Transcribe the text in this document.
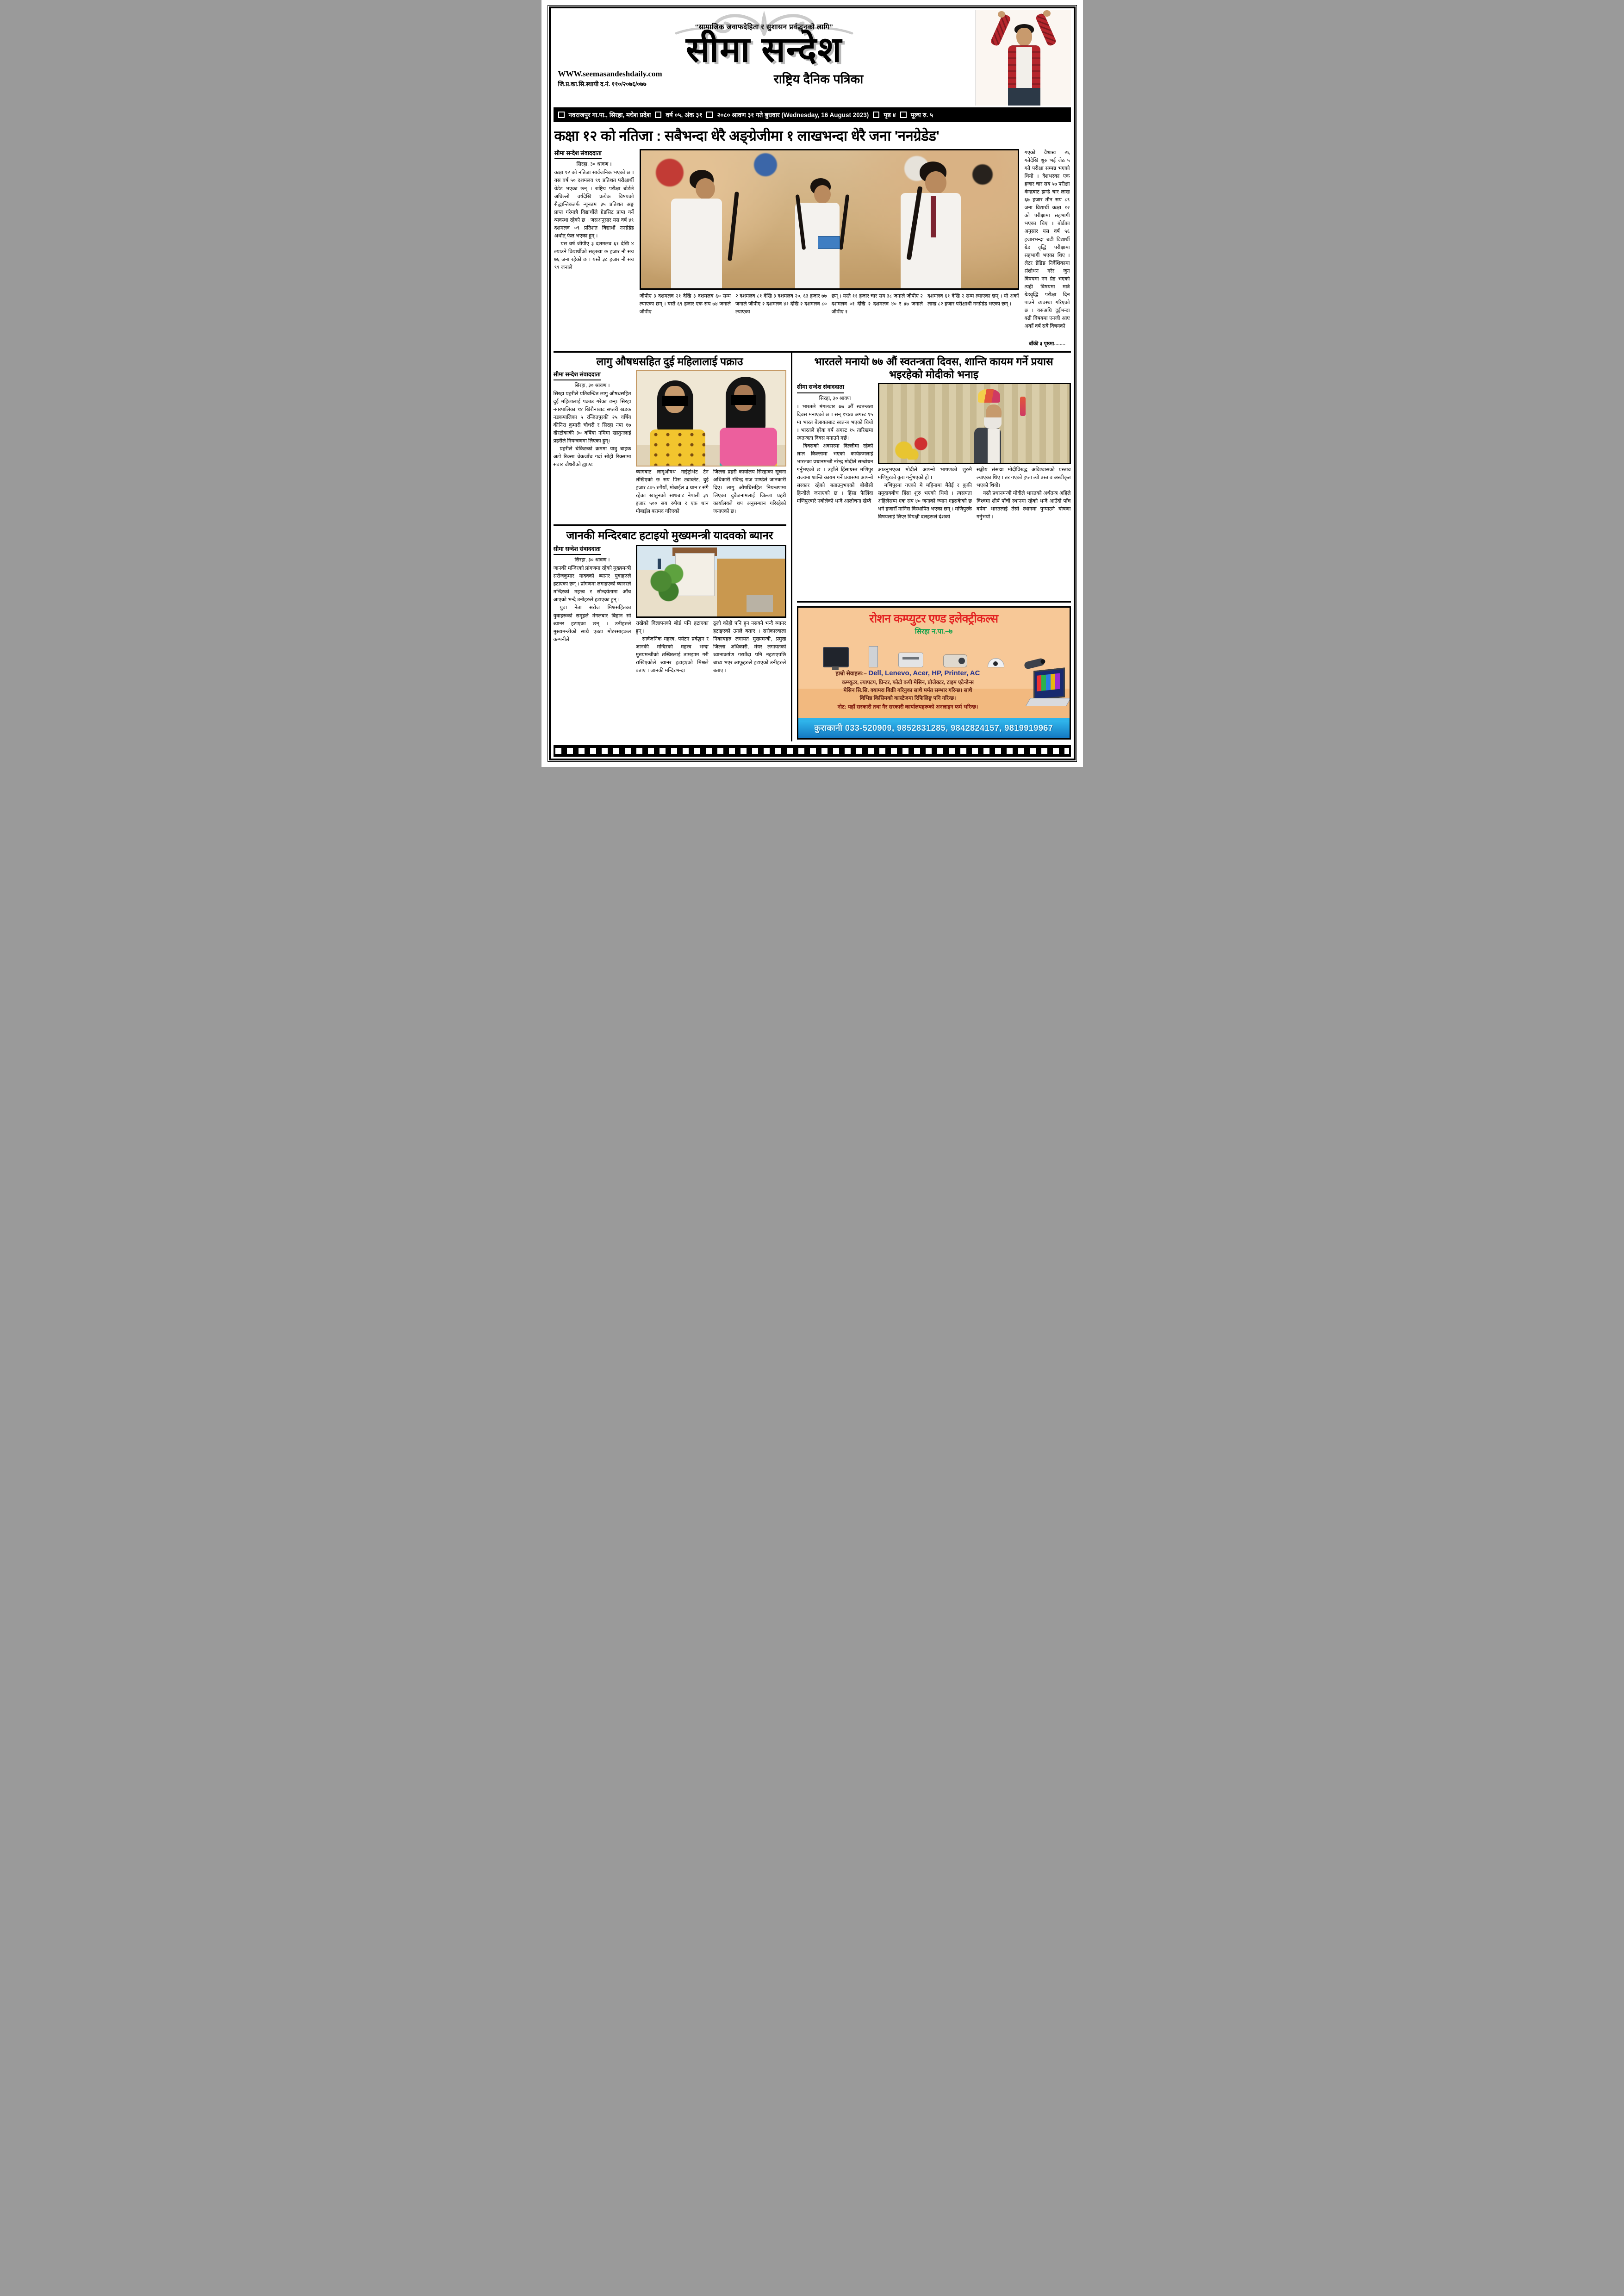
“सामाजिक जवाफदेहिता र सुशासन प्रर्वद्धनको लागि”
सीमा सन्देश
WWW.seemasandeshdaily.com
जि.प्र.का.सि.स्थायी द.नं. ११०/२०७६/०७७	राष्ट्रिय दैनिक पत्रिका
नवराजपुर गा.पा., सिरहा, मधेश प्रदेश वर्ष ०५, अंक ३१ २०८० श्रावण ३१ गते बुधवार (Wednesday, 16 August 2023) पृष्ठ ४ मूल्य रु. ५
कक्षा १२ को नतिजा : सबैभन्दा धेरै अङ्ग्रेजीमा १ लाखभन्दा धेरै जना 'ननग्रेडेड'
सीमा सन्देश संवाददाता
सिरहा, ३० श्रावण ।
कक्षा १२ को नतिजा सार्वजनिक भएको छ । यस वर्ष ५० दशमलव ९१ प्रतिशत परीक्षार्थी ग्रेडेड भएका छन् । राष्ट्रिय परीक्षा बोर्डले अघिल्लो वर्षदेखि प्रत्येक विषयको सैद्धान्तिकतर्फ न्यूनतम ३५ प्रतिशत अङ्क प्राप्त गरेमात्रै विद्यार्थीले ग्रेडसिट प्राप्त गर्ने व्यवस्था रहेको छ । जसअनुसार यस वर्ष ४९ दशमलव ०९ प्रतिशत विद्यार्थी ननग्रेडेड अर्थात् फेल भएका हुन् ।
यस वर्ष जीपीए ३ दशमलव ६१ देखि ४ ल्याउने विद्यार्थीको सङ्ख्या छ हजार नौ सय ७६ जना रहेको छ । यस्तै ३८ हजार नौ सय ९९ जनाले
जीपीए ३ दशमलव २१ देखि ३ दशमलव ६० सम्म ल्याएका छन् । यस्तै ६९ हजार एक सय ७४ जनाले जीपीए
२ दशमलव ८१ देखि ३ दशमलव २०, ६३ हजार ७७ जनाले जीपीए २ दशमलव ४१ देखि २ दशमलव ८० ल्याएका
छन् । यस्तै ११ हजार चार सय ३८ जनाले जीपीए २ दशमलव ०१ देखि २ दशमलव ४० र ४७ जनाले जीपीए १
दशमलव ६१ देखि २ सम्म ल्याएका छन् । यो अर्को लाख ८२ हजार परीक्षार्थी ननग्रेडेड भएका छन् ।
गएको वैशाख २६ गतेदेखि शुरु भई जेठ ५ गते परीक्षा सम्पन्न भएको थियो । देशभरका एक हजार चार सय ५७ परीक्षा केन्द्रबाट झन्डै चार लाख ६७ हजार तीन सय ८९ जना विद्यार्थी कक्षा १२ को परीक्षामा सहभागी भएका थिए । बोर्डका अनुसार यस वर्ष ५६ हजारभन्दा बढी विद्यार्थी ग्रेड वृद्धि परीक्षामा सहभागी भएका थिए । लेटर ग्रेडिङ निर्देशिकामा संशोधन गरेर जुन विषयमा नन ग्रेड भएको त्यही विषयमा मात्रै ग्रेडवृद्धि परीक्षा दिन पाउने व्यवस्था गरिएको छ । यसअघि दुईभन्दा बढी विषयमा एनजी आए अर्को वर्ष सबै विषयको
बाँकी ३ पृष्ठमा........
लागु औषधसहित दुई महिलालाई पक्राउ
सीमा सन्देश संवाददाता
सिरहा, ३० श्रावण ।
सिरहा प्रहरीले प्रतिवन्धित लागु औषधसहित दुई महिलालाई पक्राउ गरेका छन्। सिरहा नगरपालिका १४ खिरौनाबाट सप्तरी खडक नडकपालिका ५ रन्जितपुरकी २५ वर्षिय कीनिरा कुमारी चौधरी र सिरहा नपा १७ खैरटोकाकी ३० वर्षिया नमिमा खातुनलाई प्रहरीले नियन्त्रणमा लिएका हुन्।
प्रहरीले चेकिङको क्रममा यात्रु बाहक अटो रिक्सा चेकजाँच गर्दा सोही रिक्सामा सवार चौधरीको ह्याण्ड
ब्यागबाट लागूऔषध नाईट्रोभेट टेन लेखिएको छ सय पिस ट्याब्लेट, दुई हजार ८०५ रुपैयाँ, मोबाईल ३ थान र संगै रहेका खातुनको साथबाट नेपाली ३१ हजार ५०० सय रुपैया र एक थान मोबाईल बरामद गरिएको
जिल्ला प्रहरी कार्यालय सिरहाका सूचना अधिकारी रबिन्द्र राज पाण्डेले जानकारी दिए। लागु औषधिसहित नियन्त्रणमा लिएका दुबैजनामलाई जिल्ला प्रहरी कार्यालयले थप अनुसन्धान गरिरहेको जनाएको छ।
जानकी मन्दिरबाट हटाइयो मुख्यमन्त्री यादवको ब्यानर
सीमा सन्देश संवाददाता
सिरहा, ३० श्रावण ।
जानकी मन्दिरको प्रांगणमा रहेको मुख्यमन्त्री सरोजकुमार यादवको ब्यानर युवाहरुले हटाएका छन् । प्रांगणमा लगाइएको ब्यानरले मन्दिरको महत्त्व र सौन्दर्यतामा आँच आएको भन्दै उनीहरुले हटाएका हुन् ।
युवा नेता सरोज मिश्रसहितका युवाहरूको समूहले मंगलबार बिहान सो ब्यानर हटाएका छन् । उनीहरुले मुख्यमन्त्रीको साथै एउटा मोटरसाइकल कम्पनीले
राखेको विज्ञापनको बोर्ड पनि हटाएका हुन् ।
सार्वजनिक महत्त्व, पर्यटन प्रर्वद्धन र जानकी मन्दिरको महत्त्व भन्दा मुख्यमन्त्रीको तस्विरलाई तामझाम गरी राखिएकोले ब्यानर हटाइएको मिश्रले बताए । जानकी मन्दिरभन्दा
ठूलो कोही पनि हुन नसक्ने भन्दै ब्यानर हटाइएको उनले बताए । सरोकारवाला निकायहरु लगायत मुख्यमन्त्री, प्रमुख जिल्ला अधिकारी, मेयर लगायतको ध्यानाकर्षण गराउँदा पनि नहटाएपछि बाध्य भएर आफूहरुले हटाएको उनीहरुले बताए ।
भारतले मनायो ७७ औं स्वतन्त्रता दिवस, शान्ति कायम गर्ने प्रयास भइरहेको मोदीको भनाइ
सीमा सन्देश संवाददाता
सिरहा, ३० श्रावण
। भारतले मंगलवार ७७ औँ स्वतन्त्रता दिवस मनाएको छ । सन् १९४७ अगस्ट १५ मा भारत बेलायतबाट स्वतन्त्र भएको थियो । भारतले हरेक वर्ष अगस्ट १५ तारिखमा स्वतन्त्रता दिवस मनाउने गर्छ।
दिवसको अवसरमा दिल्लीमा रहेको लाल किल्लामा भएको कार्यक्रमलाई भारतका प्रधानमन्त्री नरेन्द्र मोदीले सम्बोधन गर्नुभएको छ । उहाँले हिंसाग्रस्त मणिपुर राज्यमा शान्ति कायम गर्ने प्रयासमा आफ्नो सरकार रहेको बताउनुभएको बीबीसी हिन्दीले जनाएको छ । हिंसा फैलिंदा मणिपुरबारे नबोलेको भन्दै आलोचना खेप्दै
आउनुभएका मोदीले आफ्नो भाषणको शुरुमै मणिपुरको कुरा गर्नुभएको हो ।
मणिपुरमा गएको मे महिनामा मैतेई र कुकी समुदायबीच हिंसा शुरु भएको थियो । त्यसयता अहिलेसम्म एक सय ४० जनाको ज्यान गइसकेको छ भने हजारौँ मानिस विस्थापित भएका छन् । मणिपुरकै विषयलाई लिएर विपक्षी दलहरूले देशको
सङ्घीय संसद्मा मोदीविरुद्ध अविश्वासको प्रस्ताव ल्याएका थिए । तर गएको हप्ता त्यो प्रस्ताव अस्वीकृत भएको थियो।
यस्तै प्रधानमन्त्री मोदीले भारतको अर्थतन्त्र अहिले विश्वमा शीर्ष पाँचौं स्थानमा रहेको भन्दै आउँदो पाँच वर्षमा भारतलाई तेस्रो स्थानमा पुऱ्याउने घोषणा गर्नुभयो ।
रोशन कम्प्युटर एण्ड इलेक्ट्रीकल्स
सिरहा न.पा.–७
हाम्रो सेवाहरू:– Dell, Lenevo, Acer, HP, Printer, AC
कम्प्युटर, ल्यापटप, प्रिन्टर, फोटो कपी मेसिन, प्रोजेक्टर, टाइम एटेन्डेन्स
मेसिन सि.सि. क्यामरा बिक्री गरिनुका साथै मर्मत सम्भार गरिन्छ। साथै
विभिन्न किसिमको कास्टेजमा रिफिलिङ्ग पनि गरिन्छ।
नोट: यहाँ सरकारी तथा गैर सरकारी कार्यालयहरूको अनलाइन फर्म भरिन्छ।
कुराकानी 033-520909, 9852831285, 9842824157, 9819919967
